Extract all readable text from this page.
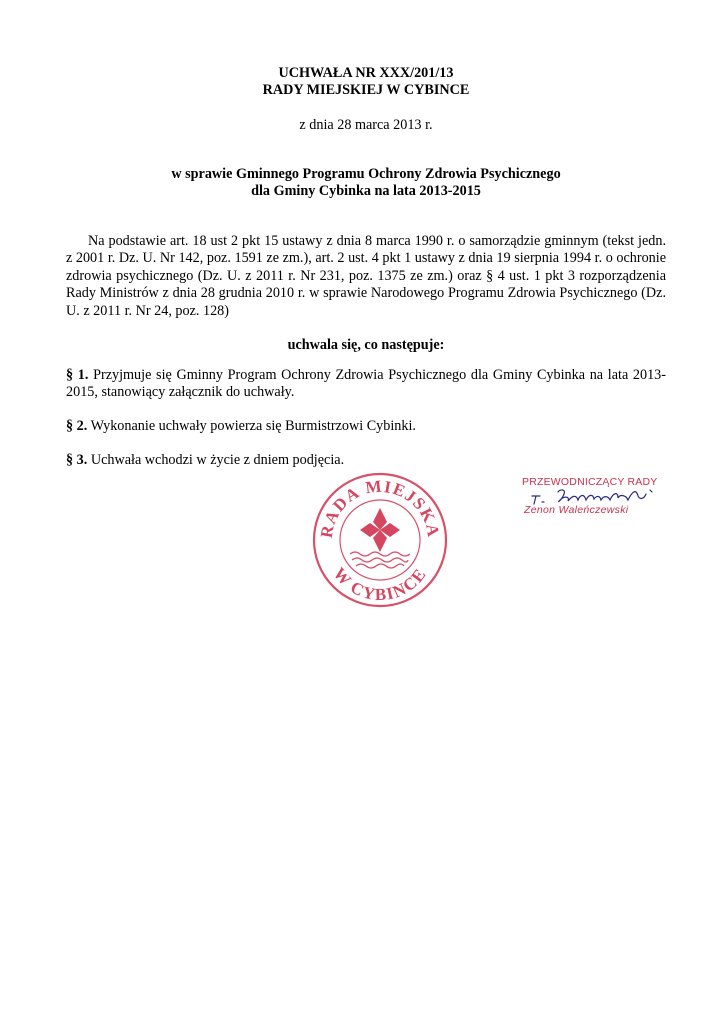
UCHWAŁA NR XXX/201/13
RADY MIEJSKIEJ W CYBINCE
z dnia 28 marca 2013 r.
w sprawie Gminnego Programu Ochrony Zdrowia Psychicznego
dla Gminy Cybinka na lata 2013-2015
Na podstawie art. 18 ust 2 pkt 15 ustawy z dnia 8 marca 1990 r. o samorządzie gminnym (tekst jedn. z 2001 r. Dz. U. Nr 142, poz. 1591 ze zm.), art. 2 ust. 4 pkt 1 ustawy z dnia 19 sierpnia 1994 r. o ochronie zdrowia psychicznego (Dz. U. z 2011 r. Nr 231, poz. 1375 ze zm.) oraz § 4 ust. 1 pkt 3 rozporządzenia Rady Ministrów z dnia 28 grudnia 2010 r. w sprawie Narodowego Programu Zdrowia Psychicznego (Dz. U. z 2011 r. Nr 24, poz. 128)
uchwala się, co następuje:
§ 1. Przyjmuje się Gminny Program Ochrony Zdrowia Psychicznego dla Gminy Cybinka na lata 2013-2015, stanowiący załącznik do uchwały.
§ 2. Wykonanie uchwały powierza się Burmistrzowi Cybinki.
§ 3. Uchwała wchodzi w życie z dniem podjęcia.
RADA MIEJSKA
W CYBINCE
PRZEWODNICZĄCY RADY
Zenon Waleńczewski
